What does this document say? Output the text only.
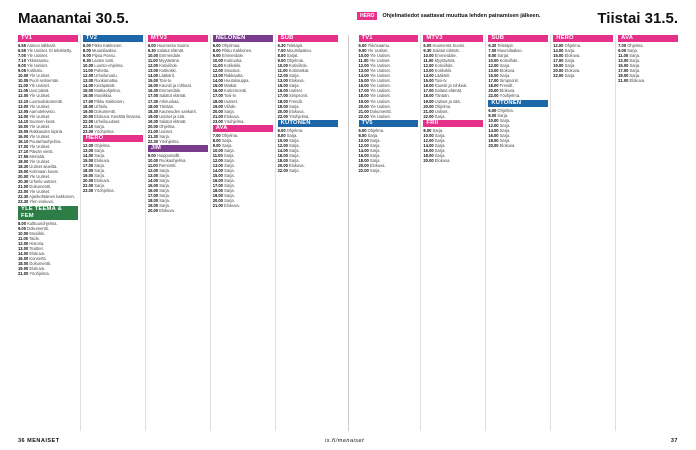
Maanantai 30.5.	HERO	Ohjelmatiedot saattavat muuttua lehden painamisen jälkeen.	Tiistai 31.5.
TV1
5.55 Aamun talkkarit.
6.55 Yle Uutiset. Ei tekstitetty.
7.00 Yle Uutiset.
7.10 Ykkösaamu.
9.00 Yle Uutiset.
9.05 Kotikatu.
10.00 Yle Uutiset.
10.05 Puoli seitsemän.
11.00 Yle Uutiset.
11.05 Uusi päivä.
12.00 Yle Uutiset.
12.10 Luontodokumentti.
13.00 Yle Uutiset.
13.05 Aamutelevisio.
14.00 Yle Uutiset.
14.10 Suomen kesä.
15.00 Yle Uutiset.
15.05 Rakkauden kipinä.
16.00 Yle Uutiset.
16.10 Puutarhaohjelma.
17.00 Yle Uutiset.
17.10 Päivän viesti.
17.55 Merisää.
18.00 Yle Uutiset.
18.30 Uutiset alueilta.
19.00 Kotimaan kuvat.
20.00 Yle Uutiset.
20.30 Urheilu-uutiset.
21.00 Dokumentti.
22.00 Yle Uutiset.
22.30 Ajankohtainen kakkonen.
23.30 Ylen elokuva.
YLE TEEMA & FEM
8.00 Kulttuuriohjelma.
9.00 Dokumentti.
10.00 Musiikki.
11.00 Taide.
12.00 Historia.
13.00 Teatteri.
14.00 Elokuva.
16.00 Konsertti.
18.00 Dokumentti.
19.00 Elokuva.
21.00 Yöohjelma.
TV2
6.00 Pikku Kakkonen.
8.00 Muumilaakso.
9.00 Pipsa Possu.
9.30 Lasten tunti.
10.00 Luonto-ohjelma.
11.00 Puhetta.
12.00 Urheiluruutu.
13.00 Ruokamatka.
14.00 Kesäpäivät.
15.00 Matkaohjelma.
16.00 Musiikkia.
17.00 Pikku Kakkonen.
18.00 Urheilu.
19.00 Dokumentti.
20.00 Elokuva: Kevättä ilmassa.
22.00 Urheiluuutiset.
22.10 Sarja.
23.00 Yöohjelma.
HERO
12.00 Ohjelma.
13.00 Sarja.
14.00 Sarja.
15.00 Elokuva.
17.00 Sarja.
18.00 Sarja.
19.00 Sarja.
20.00 Elokuva.
22.00 Sarja.
23.00 Yöohjelma.
MTV3
6.00 Huomenta Suomi.
9.30 Salatut elämät.
10.00 Emmerdale.
11.00 Myytävänä.
12.00 Kotiviihde.
13.00 Kotikokki.
14.00 Lääkärit.
15.00 Tosi-tv.
16.00 Kauniit ja rohkeat.
16.30 Emmerdale.
17.00 Salatut elämät.
17.30 Arkiruokaa.
18.00 Tänään.
18.30 Kauneuden sankarit.
19.00 Uutiset ja sää.
19.30 Salatut elämät.
20.00 Ohjelma.
21.00 Uutiset.
21.30 Sarja.
22.30 Yöohjelma.
JIM
9.00 Huippumallit.
10.00 Ruokaohjelma.
11.00 Remontti.
12.00 Sarja.
13.00 Sarja.
14.00 Sarja.
15.00 Sarja.
16.00 Sarja.
17.00 Sarja.
18.00 Sarja.
19.00 Sarja.
20.00 Elokuva.
NELONEN
6.00 Ohjelmaa.
8.00 Pikku Kakkonen.
9.00 Emmerdale.
10.00 Kotiruoka.
11.00 Kotikokki.
12.00 Sisustus.
13.00 Rakkautta.
14.00 Huutokauppa.
15.00 Matkat.
16.00 Kotiremontti.
17.00 Tosi-tv.
18.00 Uutiset.
19.00 Viihde.
20.00 Sarja.
21.00 Elokuva.
23.00 Yöohjelma.
AVA
7.00 Ohjelma.
8.00 Sarja.
9.00 Sarja.
10.00 Sarja.
11.00 Sarja.
12.00 Sarja.
13.00 Sarja.
14.00 Sarja.
15.00 Sarja.
16.00 Sarja.
17.00 Sarja.
18.00 Sarja.
19.00 Sarja.
20.00 Sarja.
21.00 Elokuva.
SUB
6.30 Teletapit.
7.00 Muumilaakso.
8.00 Sarjat.
9.00 Ohjelmia.
10.00 Kotiviihde.
11.00 Kotimatkat.
12.00 Sarja.
13.00 Elokuva.
15.00 Sarja.
16.00 Uutiset.
17.00 Simpsonit.
18.00 Frendit.
19.00 Sarja.
20.00 Elokuva.
22.00 Yöohjelma.
KUTONEN
6.00 Ohjelma.
8.00 Sarja.
10.00 Sarja.
12.00 Sarja.
14.00 Sarja.
16.00 Sarja.
18.00 Sarja.
20.00 Elokuva.
22.00 Sarja.
TV1
6.00 Ykkösaamu.
9.00 Yle Uutiset.
10.00 Yle Uutiset.
11.00 Yle Uutiset.
12.00 Yle Uutiset.
13.00 Yle Uutiset.
14.00 Yle Uutiset.
15.00 Yle Uutiset.
16.00 Yle Uutiset.
17.00 Yle Uutiset.
18.00 Yle Uutiset.
19.00 Yle Uutiset.
20.00 Yle Uutiset.
21.00 Dokumentti.
22.00 Yle Uutiset.
TV5
6.00 Ohjelma.
8.00 Sarja.
10.00 Sarja.
12.00 Sarja.
14.00 Sarja.
16.00 Sarja.
18.00 Sarja.
20.00 Elokuva.
22.00 Sarja.
MTV3
6.00 Huomenta Suomi.
9.30 Salatut elämät.
10.00 Emmerdale.
11.00 Myytävänä.
12.00 Kotiviihde.
13.00 Kotikokki.
14.00 Lääkärit.
15.00 Tosi-tv.
16.00 Kauniit ja rohkeat.
17.00 Salatut elämät.
18.00 Tänään.
19.00 Uutiset ja sää.
20.00 Ohjelma.
21.00 Uutiset.
22.00 Sarja.
FRII
8.00 Sarja.
10.00 Sarja.
12.00 Sarja.
14.00 Sarja.
16.00 Sarja.
18.00 Sarja.
20.00 Elokuva.
SUB
6.30 Teletapit.
7.00 Muumilaakso.
8.00 Sarjat.
10.00 Kotiviihde.
12.00 Sarja.
13.00 Elokuva.
15.00 Sarja.
17.00 Simpsonit.
18.00 Frendit.
20.00 Elokuva.
22.00 Yöohjelma.
KUTONEN
6.00 Ohjelma.
8.00 Sarja.
10.00 Sarja.
12.00 Sarja.
14.00 Sarja.
16.00 Sarja.
18.00 Sarja.
20.00 Elokuva.
HERO
12.00 Ohjelma.
14.00 Sarja.
15.00 Elokuva.
17.00 Sarja.
19.00 Sarja.
20.00 Elokuva.
22.00 Sarja.
AVA
7.00 Ohjelma.
9.00 Sarja.
11.00 Sarja.
13.00 Sarja.
15.00 Sarja.
17.00 Sarja.
19.00 Sarja.
21.00 Elokuva.
36 MENAISET	is.fi/menaiset	37
